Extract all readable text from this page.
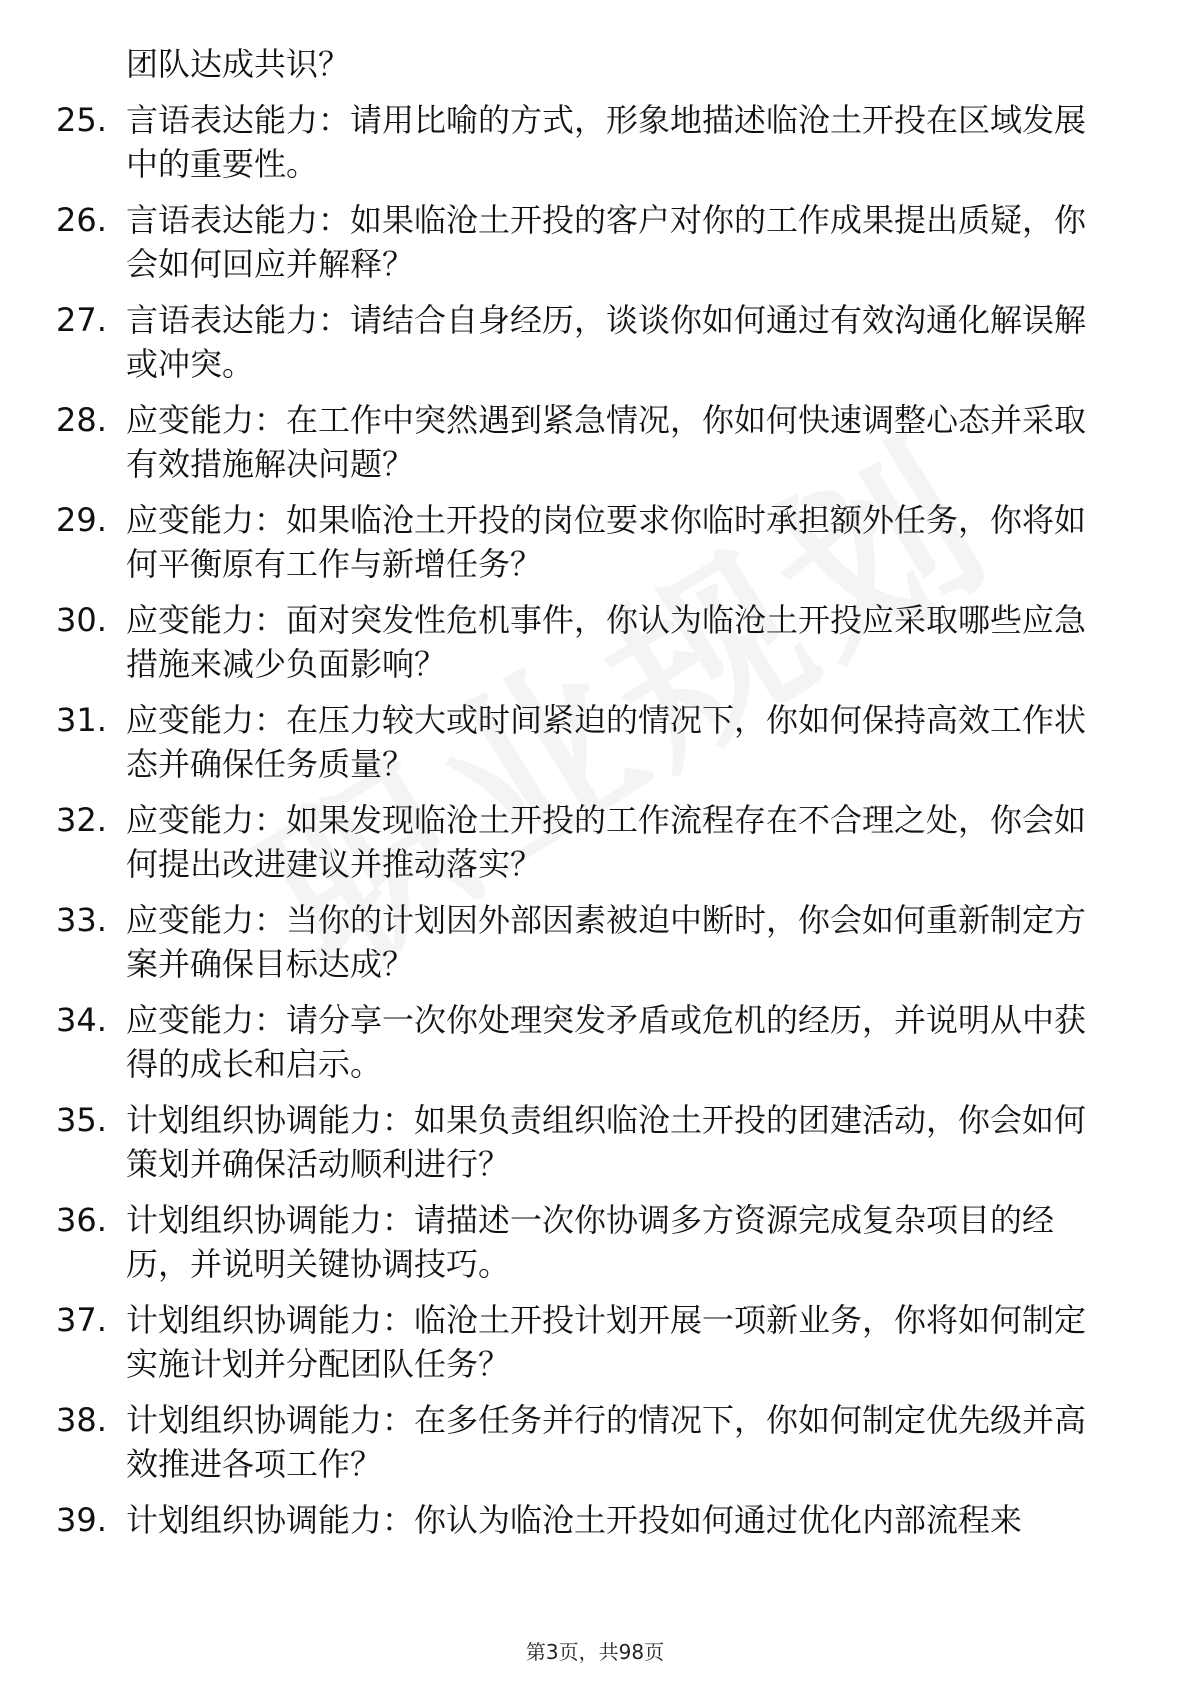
团队达成共识？
25. 言语表达能力：请用比喻的方式，形象地描述临沧土开投在区域发展中的重要性。
26. 言语表达能力：如果临沧土开投的客户对你的工作成果提出质疑，你会如何回应并解释？
27. 言语表达能力：请结合自身经历，谈谈你如何通过有效沟通化解误解或冲突。
28. 应变能力：在工作中突然遇到紧急情况，你如何快速调整心态并采取有效措施解决问题？
29. 应变能力：如果临沧土开投的岗位要求你临时承担额外任务，你将如何平衡原有工作与新增任务？
30. 应变能力：面对突发性危机事件，你认为临沧土开投应采取哪些应急措施来减少负面影响？
31. 应变能力：在压力较大或时间紧迫的情况下，你如何保持高效工作状态并确保任务质量？
32. 应变能力：如果发现临沧土开投的工作流程存在不合理之处，你会如何提出改进建议并推动落实？
33. 应变能力：当你的计划因外部因素被迫中断时，你会如何重新制定方案并确保目标达成？
34. 应变能力：请分享一次你处理突发矛盾或危机的经历，并说明从中获得的成长和启示。
35. 计划组织协调能力：如果负责组织临沧土开投的团建活动，你会如何策划并确保活动顺利进行？
36. 计划组织协调能力：请描述一次你协调多方资源完成复杂项目的经历，并说明关键协调技巧。
37. 计划组织协调能力：临沧土开投计划开展一项新业务，你将如何制定实施计划并分配团队任务？
38. 计划组织协调能力：在多任务并行的情况下，你如何制定优先级并高效推进各项工作？
39. 计划组织协调能力：你认为临沧土开投如何通过优化内部流程来
第3页，共98页
